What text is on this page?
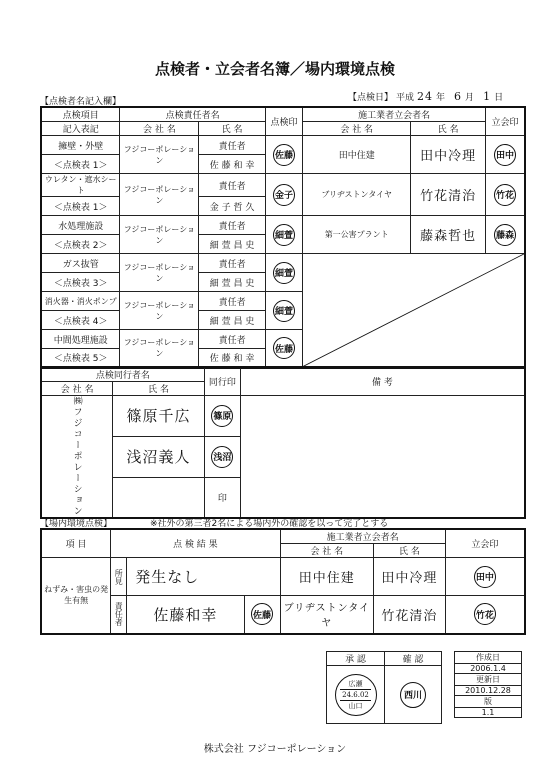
点検者・立会者名簿／場内環境点検
【点検者名記入欄】	【点検日】 平成 24 年 6 月 1 日
点検項目	点検責任者名		点検印	施工業者立会者名		立会印
記入表記	会 社 名	氏 名		会 社 名	氏 名	
擁壁・外壁	フジコーポレーション	責任者	佐藤	田中住建	田中冷理	田中
＜点検表 1＞		佐 藤 和 幸				
ウレタン・遮水シート	フジコーポレーション	責任者	金子	ブリヂストンタイヤ	竹花清治	竹花
＜点検表 1＞		金 子 哲 久				
水処理施設	フジコーポレーション	責任者	細萱	第一公害プラント	藤森哲也	藤森
＜点検表 2＞		細 萱 昌 史				
ガス抜管	フジコーポレーション	責任者	細萱	

＜点検表 3＞		細 萱 昌 史				
消火器・消火ポンプ	フジコーポレーション	責任者	細萱			
＜点検表 4＞		細 萱 昌 史				
中間処理施設	フジコーポレーション	責任者	佐藤			
＜点検表 5＞		佐 藤 和 幸				
点検同行者名		同行印	備 考
会 社 名	氏 名		
㈱フジコーポレーション	篠原千広	篠原	
	浅沼義人	浅沼	
		印	
【場内環境点検】	※社外の第三者2名による場内外の確認を以って完了とする
項 目	点 検 結 果			施工業者立会者名		立会印
				会 社 名	氏 名	
ねずみ・害虫の発生有無	所見	発生なし		田中住建	田中冷理	田中
	責任者	佐藤和幸	佐藤	ブリヂストンタイヤ	竹花清治	竹花
承 認	確 認

広瀬
24.6.02
山口	西川
作成日
2006.1.4
更新日
2010.12.28
版
1.1
株式会社 フジコーポレーション
